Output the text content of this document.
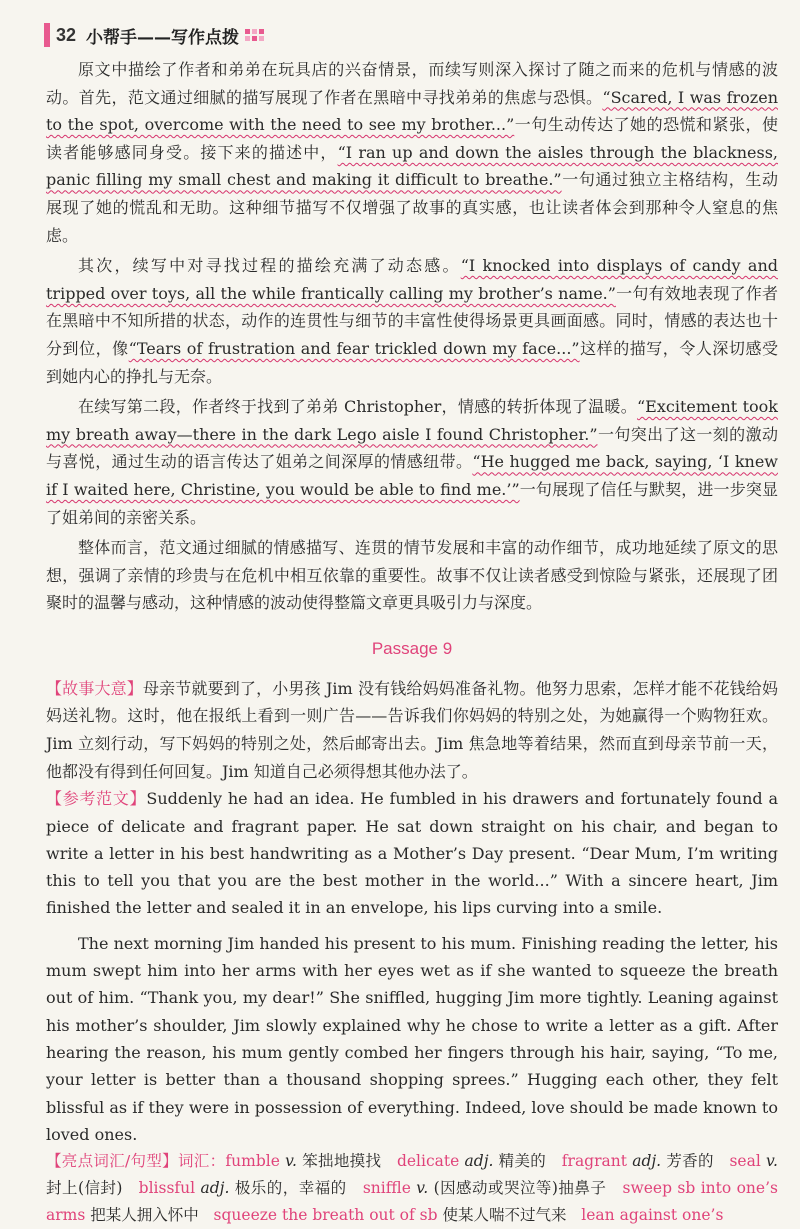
32 小帮手——写作点拨

原文中描绘了作者和弟弟在玩具店的兴奋情景，而续写则深入探讨了随之而来的危机与情感的波动。首先，范文通过细腻的描写展现了作者在黑暗中寻找弟弟的焦虑与恐惧。“Scared, I was frozen to the spot, overcome with the need to see my brother...”一句生动传达了她的恐慌和紧张，使读者能够感同身受。接下来的描述中，“I ran up and down the aisles through the blackness, panic filling my small chest and making it difficult to breathe.”一句通过独立主格结构，生动展现了她的慌乱和无助。这种细节描写不仅增强了故事的真实感，也让读者体会到那种令人窒息的焦虑。

其次，续写中对寻找过程的描绘充满了动态感。“I knocked into displays of candy and tripped over toys, all the while frantically calling my brother’s name.”一句有效地表现了作者在黑暗中不知所措的状态，动作的连贯性与细节的丰富性使得场景更具画面感。同时，情感的表达也十分到位，像“Tears of frustration and fear trickled down my face...”这样的描写，令人深切感受到她内心的挣扎与无奈。

在续写第二段，作者终于找到了弟弟 Christopher，情感的转折体现了温暖。“Excitement took my breath away—there in the dark Lego aisle I found Christopher.”一句突出了这一刻的激动与喜悦，通过生动的语言传达了姐弟之间深厚的情感纽带。“He hugged me back, saying, ‘I knew if I waited here, Christine, you would be able to find me.’”一句展现了信任与默契，进一步突显了姐弟间的亲密关系。

整体而言，范文通过细腻的情感描写、连贯的情节发展和丰富的动作细节，成功地延续了原文的思想，强调了亲情的珍贵与在危机中相互依靠的重要性。故事不仅让读者感受到惊险与紧张，还展现了团聚时的温馨与感动，这种情感的波动使得整篇文章更具吸引力与深度。

Passage 9

【故事大意】母亲节就要到了，小男孩 Jim 没有钱给妈妈准备礼物。他努力思索，怎样才能不花钱给妈妈送礼物。这时，他在报纸上看到一则广告——告诉我们你妈妈的特别之处，为她赢得一个购物狂欢。Jim 立刻行动，写下妈妈的特别之处，然后邮寄出去。Jim 焦急地等着结果，然而直到母亲节前一天，他都没有得到任何回复。Jim 知道自己必须得想其他办法了。

【参考范文】Suddenly he had an idea. He fumbled in his drawers and fortunately found a piece of delicate and fragrant paper. He sat down straight on his chair, and began to write a letter in his best handwriting as a Mother’s Day present. “Dear Mum, I’m writing this to tell you that you are the best mother in the world...” With a sincere heart, Jim finished the letter and sealed it in an envelope, his lips curving into a smile.

The next morning Jim handed his present to his mum. Finishing reading the letter, his mum swept him into her arms with her eyes wet as if she wanted to squeeze the breath out of him. “Thank you, my dear!” She sniffled, hugging Jim more tightly. Leaning against his mother’s shoulder, Jim slowly explained why he chose to write a letter as a gift. After hearing the reason, his mum gently combed her fingers through his hair, saying, “To me, your letter is better than a thousand shopping sprees.” Hugging each other, they felt blissful as if they were in possession of everything. Indeed, love should be made known to loved ones.

【亮点词汇/句型】词汇：fumble v. 笨拙地摸找 delicate adj. 精美的 fragrant adj. 芳香的 seal v. 封上(信封) blissful adj. 极乐的，幸福的 sniffle v. (因感动或哭泣等)抽鼻子 sweep sb into one’s arms 把某人拥入怀中 squeeze the breath out of sb 使某人喘不过气来 lean against one’s
